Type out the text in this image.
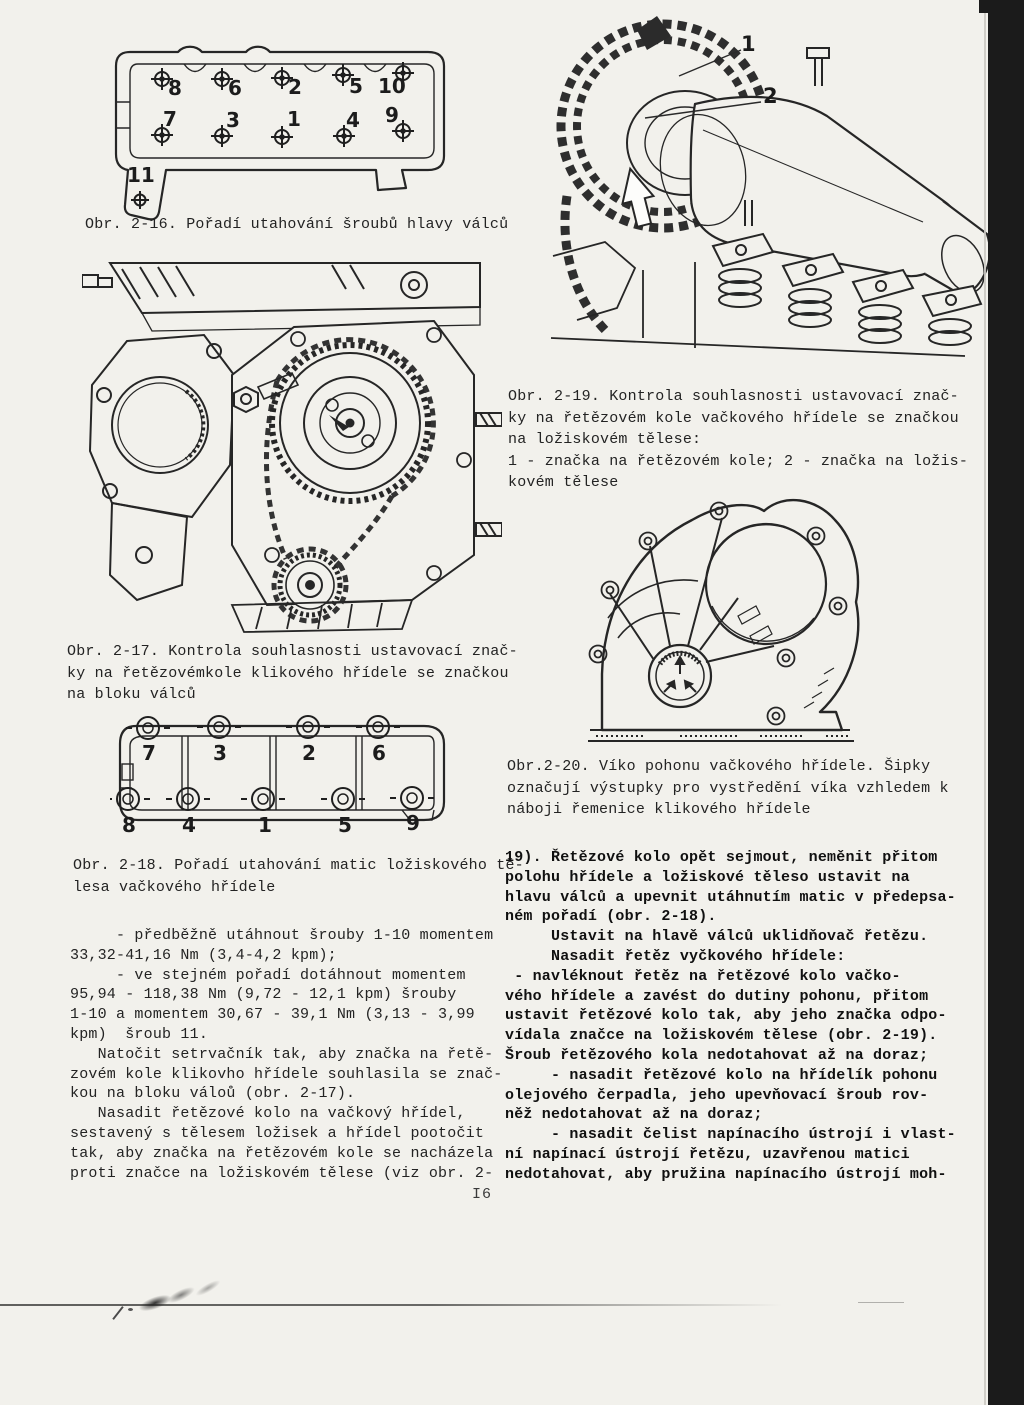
8 6 2 5 10
7 3 1 4 9
11
Obr. 2-16. Pořadí utahování šroubů hlavy válců
1
2
Obr. 2-19. Kontrola souhlasnosti ustavovací znač-
ky na řetězovém kole vačkového hřídele se značkou
na ložiskovém tělese:
1 - značka na řetězovém kole; 2 - značka na ložis-
kovém tělese
Obr. 2-17. Kontrola souhlasnosti ustavovací znač-
ky na řetězovémkole klikového hřídele se značkou
na bloku válců
Obr.2-20. Víko pohonu vačkového hřídele. Šipky
označují výstupky pro vystředění víka vzhledem k
náboji řemenice klikového hřídele
7	3	2	6
8 4	1	5	9
Obr. 2-18. Pořadí utahování matic ložiskového tě-
lesa vačkového hřídele
- předběžně utáhnout šrouby 1-10 momentem
33,32-41,16 Nm (3,4-4,2 kpm);
- ve stejném pořadí dotáhnout momentem
95,94 - 118,38 Nm (9,72 - 12,1 kpm) šrouby
1-10 a momentem 30,67 - 39,1 Nm (3,13 - 3,99
kpm)  šroub 11.
Natočit setrvačník tak, aby značka na řetě-
zovém kole klikovho hřídele souhlasila se znač-
kou na bloku váloů (obr. 2-17).
Nasadit řetězové kolo na vačkový hřídel,
sestavený s tělesem ložisek a hřídel pootočit
tak, aby značka na řetězovém kole se nacházela
proti značce na ložiskovém tělese (viz obr. 2-
19). Řetězové kolo opět sejmout, neměnit přitom
polohu hřídele a ložiskové těleso ustavit na
hlavu válců a upevnit utáhnutím matic v předepsa-
ném pořadí (obr. 2-18).
Ustavit na hlavě válců uklidňovač řetězu.
Nasadit řetěz vyčkového hřídele:
- navléknout řetěz na řetězové kolo vačko-
vého hřídele a zavést do dutiny pohonu, přitom
ustavit řetězové kolo tak, aby jeho značka odpo-
vídala značce na ložiskovém tělese (obr. 2-19).
Šroub řetězového kola nedotahovat až na doraz;
- nasadit řetězové kolo na hřídelík pohonu
olejového čerpadla, jeho upevňovací šroub rov-
něž nedotahovat až na doraz;
- nasadit čelist napínacího ústrojí i vlast-
ní napínací ústrojí řetězu, uzavřenou matici
nedotahovat, aby pružina napínacího ústrojí moh-
I6
